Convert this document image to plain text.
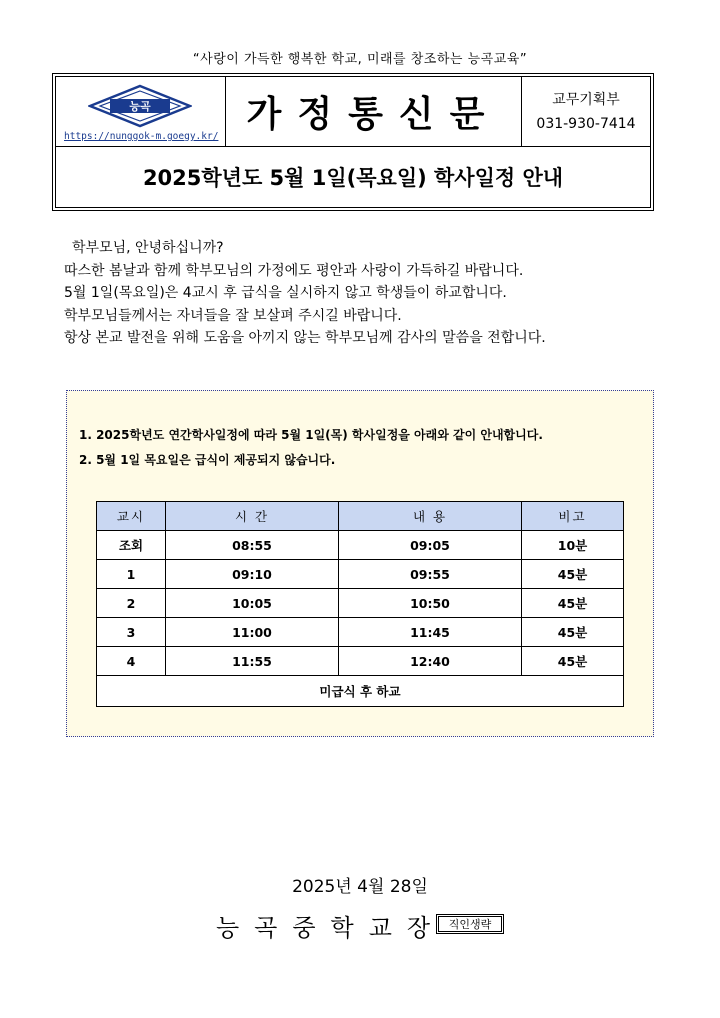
“사랑이 가득한 행복한 학교, 미래를 창조하는 능곡교육”
능곡
https://nunggok-m.goegy.kr/
가정통신문	교무기획부
031-930-7414
2025학년도 5월 1일(목요일) 학사일정 안내

학부모님, 안녕하십니까?

따스한 봄날과 함께 학부모님의 가정에도 평안과 사랑이 가득하길 바랍니다.

5월 1일(목요일)은 4교시 후 급식을 실시하지 않고 학생들이 하교합니다.

학부모님들께서는 자녀들을 잘 보살펴 주시길 바랍니다.

항상 본교 발전을 위해 도움을 아끼지 않는 학부모님께 감사의 말씀을 전합니다.

1. 2025학년도 연간학사일정에 따라 5월 1일(목) 학사일정을 아래와 같이 안내합니다.

2. 5월 1일 목요일은 급식이 제공되지 않습니다.

교시	시 간	내 용	비고
조회	08:55	09:05	10분
1	09:10	09:55	45분
2	10:05	10:50	45분
3	11:00	11:45	45분
4	11:55	12:40	45분
미급식 후 하교			
2025년 4월 28일
능곡중학교장 직인생략
